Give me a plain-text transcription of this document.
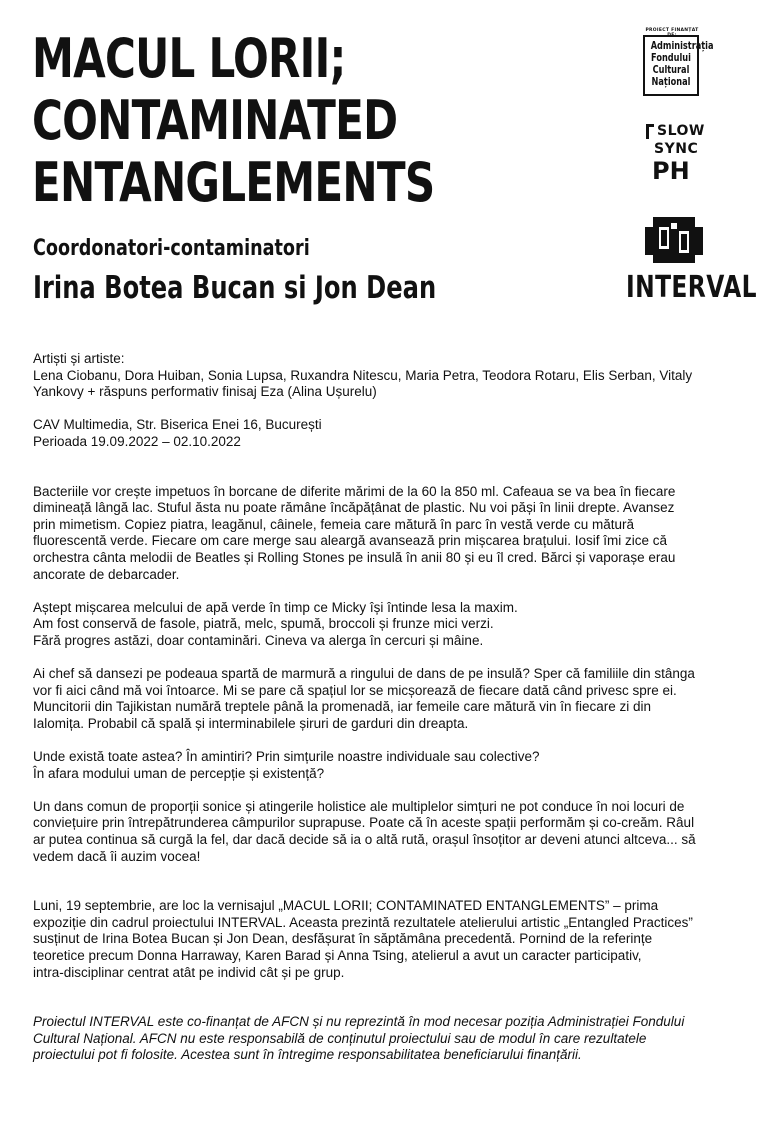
MACUL LORII;
CONTAMINATED
ENTANGLEMENTS
Coordonatori-contaminatori
Irina Botea Bucan si Jon Dean
PROIECT FINANȚAT DE:
Administrația
Fondului
Cultural
Național
SLOW
SYNC
PH
INTERVAL

Artiști și artiste:

Lena Ciobanu, Dora Huiban, Sonia Lupsa, Ruxandra Nitescu, Maria Petra, Teodora Rotaru, Elis Serban, Vitaly

Yankovy + răspuns performativ finisaj Eza (Alina Ușurelu)

CAV Multimedia, Str. Biserica Enei 16, București

Perioada 19.09.2022 – 02.10.2022

Bacteriile vor crește impetuos în borcane de diferite mărimi de la 60 la 850 ml. Cafeaua se va bea în fiecare

dimineață lângă lac. Stuful ăsta nu poate rămâne încăpățânat de plastic. Nu voi păși în linii drepte. Avansez

prin mimetism. Copiez piatra, leagănul, câinele, femeia care mătură în parc în vestă verde cu mătură

fluorescentă verde. Fiecare om care merge sau aleargă avansează prin mișcarea brațului. Iosif îmi zice că

orchestra cânta melodii de Beatles și Rolling Stones pe insulă în anii 80 și eu îl cred. Bărci și vaporașe erau

ancorate de debarcader.

Aștept mișcarea melcului de apă verde în timp ce Micky își întinde lesa la maxim.

Am fost conservă de fasole, piatră, melc, spumă, broccoli și frunze mici verzi.

Fără progres astăzi, doar contaminări. Cineva va alerga în cercuri și mâine.

Ai chef să dansezi pe podeaua spartă de marmură a ringului de dans de pe insulă? Sper că familiile din stânga

vor fi aici când mă voi întoarce. Mi se pare că spațiul lor se micșorează de fiecare dată când privesc spre ei.

Muncitorii din Tajikistan numără treptele până la promenadă, iar femeile care mătură vin în fiecare zi din

Ialomița. Probabil că spală și interminabilele șiruri de garduri din dreapta.

Unde există toate astea? În amintiri? Prin simțurile noastre individuale sau colective?

În afara modului uman de percepție și existență?

Un dans comun de proporții sonice și atingerile holistice ale multiplelor simțuri ne pot conduce în noi locuri de

conviețuire prin întrepătrunderea câmpurilor suprapuse. Poate că în aceste spații performăm și co-creăm. Râul

ar putea continua să curgă la fel, dar dacă decide să ia o altă rută, orașul însoțitor ar deveni atunci altceva... să

vedem dacă îi auzim vocea!

Luni, 19 septembrie, are loc la vernisajul „MACUL LORII; CONTAMINATED ENTANGLEMENTS” – prima

expoziție din cadrul proiectului INTERVAL. Aceasta prezintă rezultatele atelierului artistic „Entangled Practices”

susținut de Irina Botea Bucan și Jon Dean, desfășurat în săptămâna precedentă. Pornind de la referințe

teoretice precum Donna Harraway, Karen Barad și Anna Tsing, atelierul a avut un caracter participativ,

intra-disciplinar centrat atât pe individ cât și pe grup.

Proiectul INTERVAL este co-finanțat de AFCN și nu reprezintă în mod necesar poziția Administrației Fondului

Cultural Național. AFCN nu este responsabilă de conținutul proiectului sau de modul în care rezultatele

proiectului pot fi folosite. Acestea sunt în întregime responsabilitatea beneficiarului finanțării.
